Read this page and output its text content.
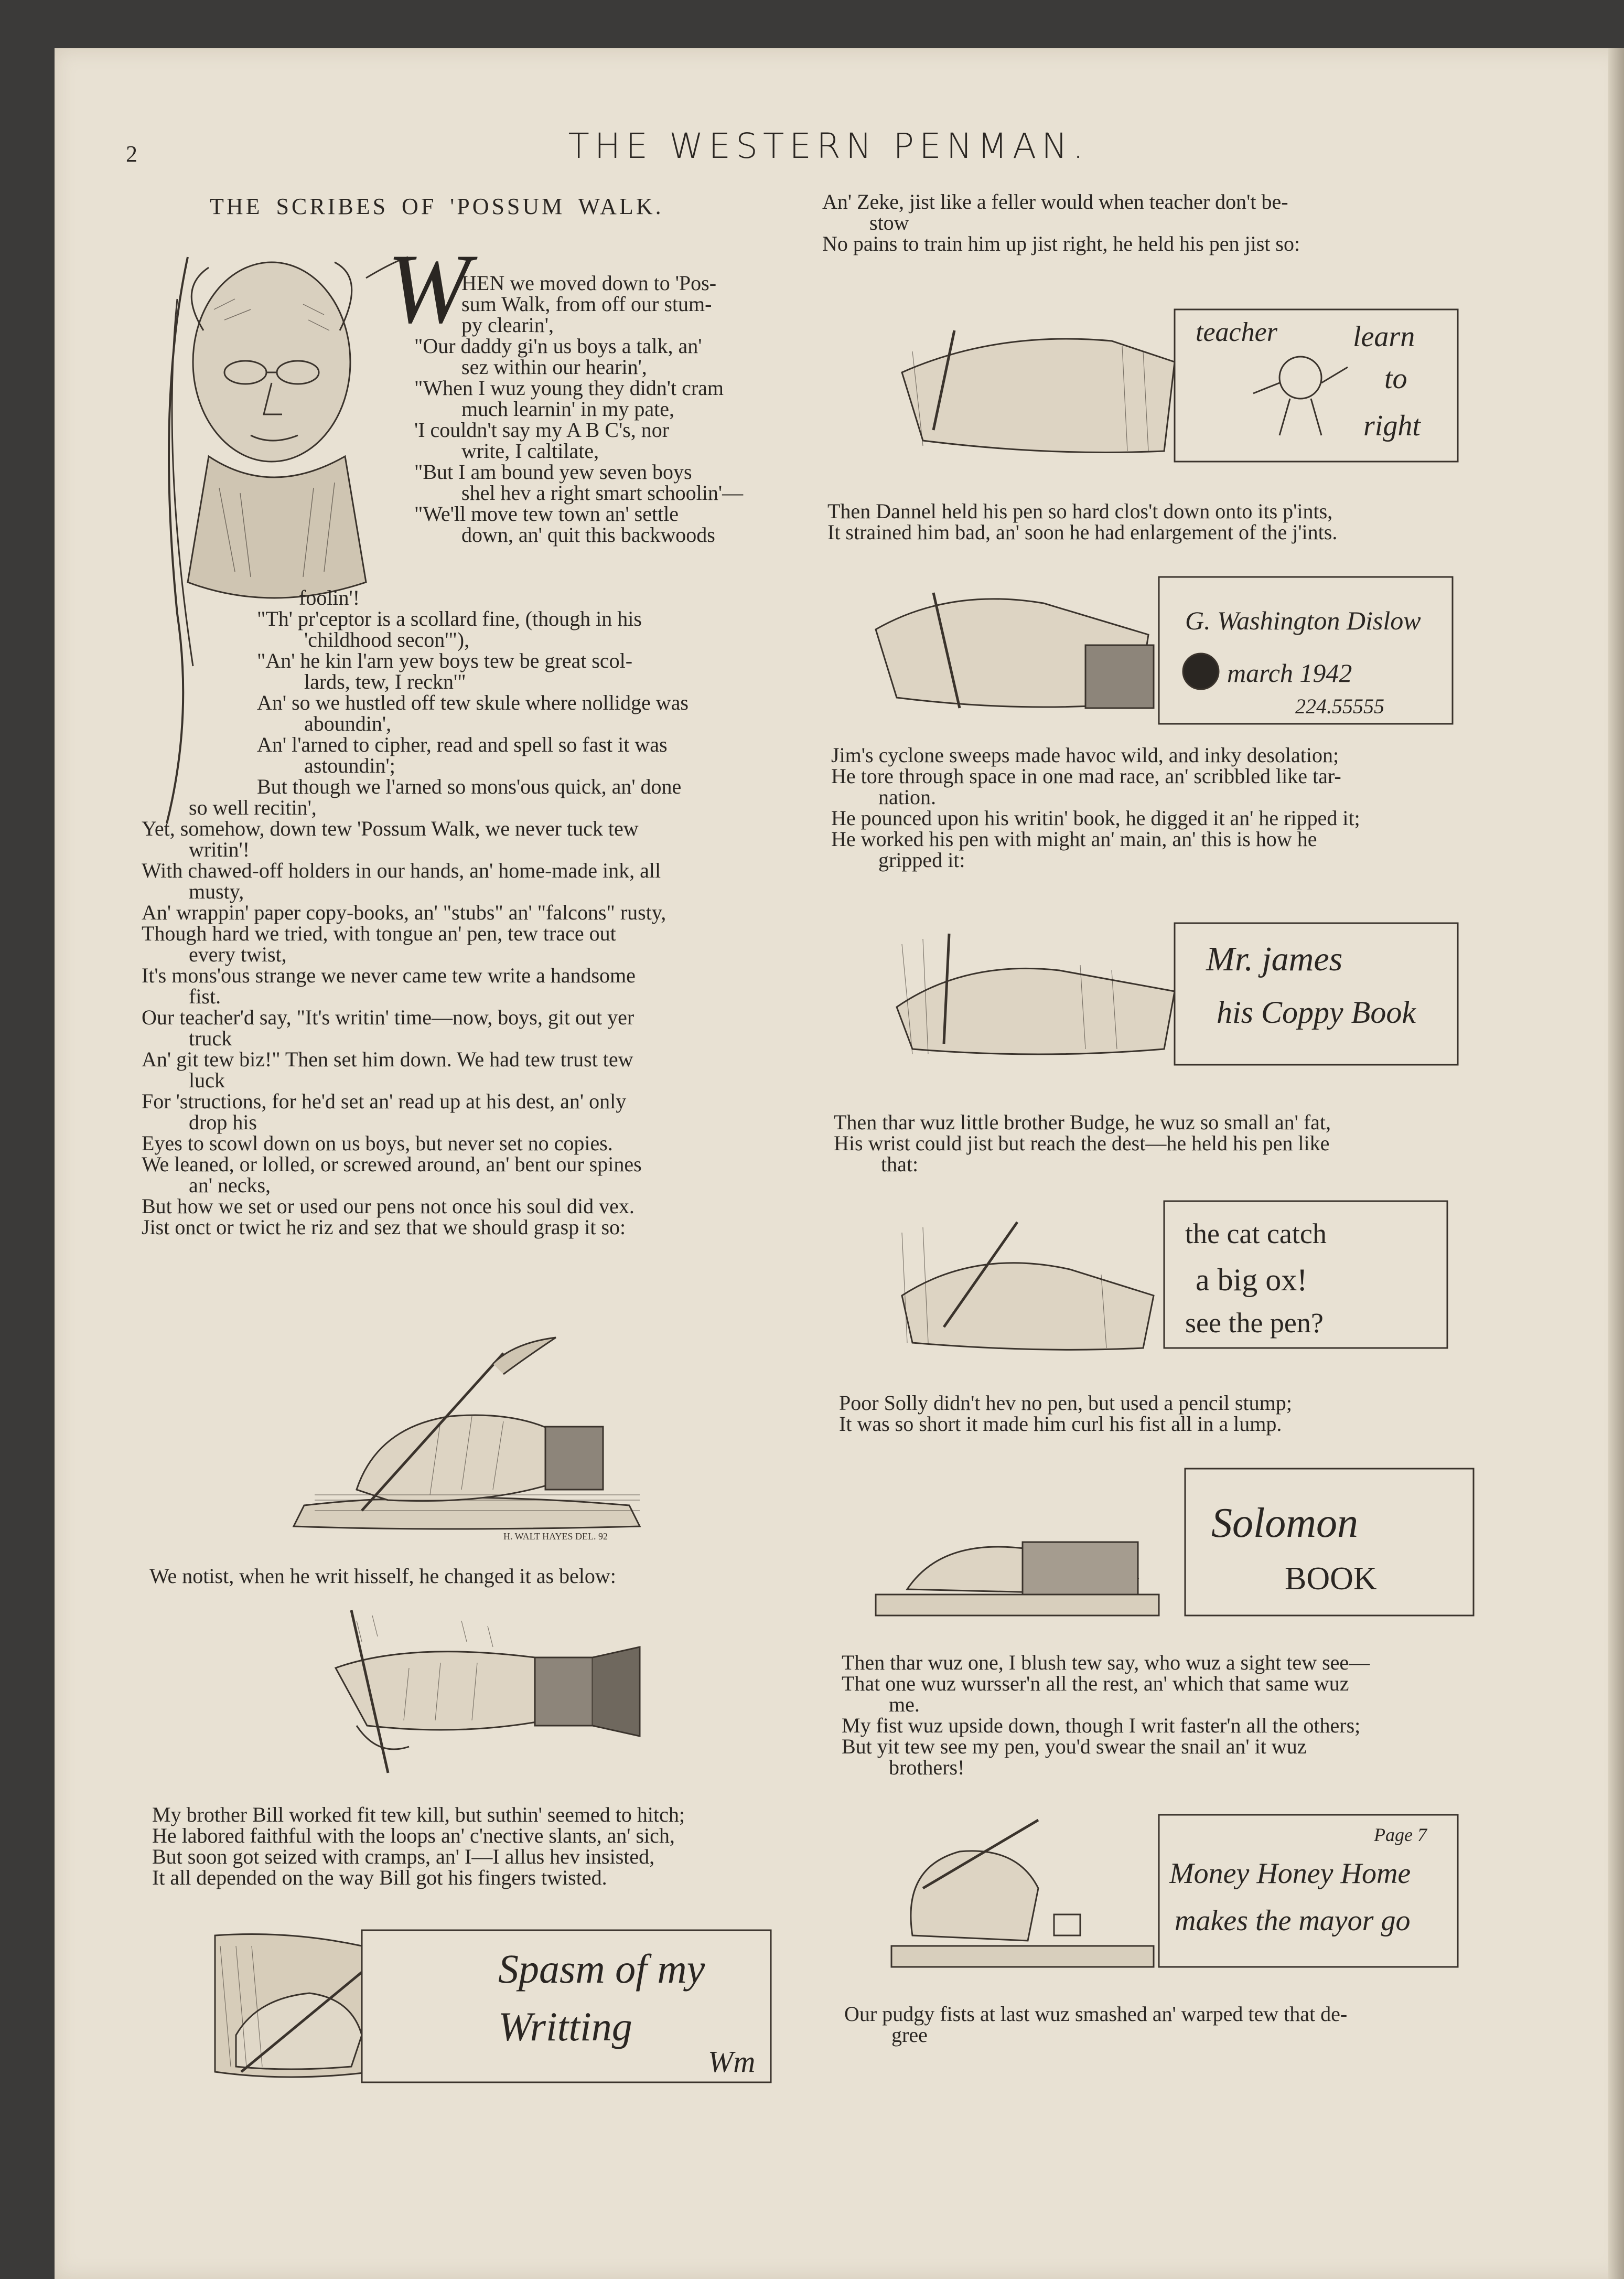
2	THE WESTERN PENMAN.
THE SCRIBES OF 'POSSUM WALK.
W

HEN we moved down to 'Pos-

sum Walk, from off our stum-

py clearin',

"Our daddy gi'n us boys a talk, an'

sez within our hearin',

"When I wuz young they didn't cram

much learnin' in my pate,

'I couldn't say my A B C's, nor

write, I caltilate,

"But I am bound yew seven boys

shel hev a right smart schoolin'—

"We'll move tew town an' settle

down, an' quit this backwoods

foolin'!

"Th' pr'ceptor is a scollard fine, (though in his

'childhood secon'"),

"An' he kin l'arn yew boys tew be great scol-

lards, tew, I reckn'"

An' so we hustled off tew skule where nollidge was

aboundin',

An' l'arned to cipher, read and spell so fast it was

astoundin';

But though we l'arned so mons'ous quick, an' done

so well recitin',

Yet, somehow, down tew 'Possum Walk, we never tuck tew

writin'!

With chawed-off holders in our hands, an' home-made ink, all

musty,

An' wrappin' paper copy-books, an' "stubs" an' "falcons" rusty,

Though hard we tried, with tongue an' pen, tew trace out

every twist,

It's mons'ous strange we never came tew write a handsome

fist.

Our teacher'd say, "It's writin' time—now, boys, git out yer

truck

An' git tew biz!" Then set him down. We had tew trust tew

luck

For 'structions, for he'd set an' read up at his dest, an' only

drop his

Eyes to scowl down on us boys, but never set no copies.

We leaned, or lolled, or screwed around, an' bent our spines

an' necks,

But how we set or used our pens not once his soul did vex.

Jist onct or twict he riz and sez that we should grasp it so:

H. WALT HAYES DEL. 92

We notist, when he writ hisself, he changed it as below:

My brother Bill worked fit tew kill, but suthin' seemed to hitch;

He labored faithful with the loops an' c'nective slants, an' sich,

But soon got seized with cramps, an' I—I allus hev insisted,

It all depended on the way Bill got his fingers twisted.

Spasm of my
Writting
Wm

An' Zeke, jist like a feller would when teacher don't be-

stow

No pains to train him up jist right, he held his pen jist so:

teacher	learn
to
right

Then Dannel held his pen so hard clos't down onto its p'ints,

It strained him bad, an' soon he had enlargement of the j'ints.

G. Washington Dislow
march 1942
224.55555

Jim's cyclone sweeps made havoc wild, and inky desolation;

He tore through space in one mad race, an' scribbled like tar-

nation.

He pounced upon his writin' book, he digged it an' he ripped it;

He worked his pen with might an' main, an' this is how he

gripped it:

Mr. james
his Coppy Book

Then thar wuz little brother Budge, he wuz so small an' fat,

His wrist could jist but reach the dest—he held his pen like

that:

the cat catch
a big ox!
see the pen?

Poor Solly didn't hev no pen, but used a pencil stump;

It was so short it made him curl his fist all in a lump.

Solomon
BOOK

Then thar wuz one, I blush tew say, who wuz a sight tew see—

That one wuz wursser'n all the rest, an' which that same wuz

me.

My fist wuz upside down, though I writ faster'n all the others;

But yit tew see my pen, you'd swear the snail an' it wuz

brothers!

Money Honey Home
makes the mayor go
Page 7

Our pudgy fists at last wuz smashed an' warped tew that de-

gree
